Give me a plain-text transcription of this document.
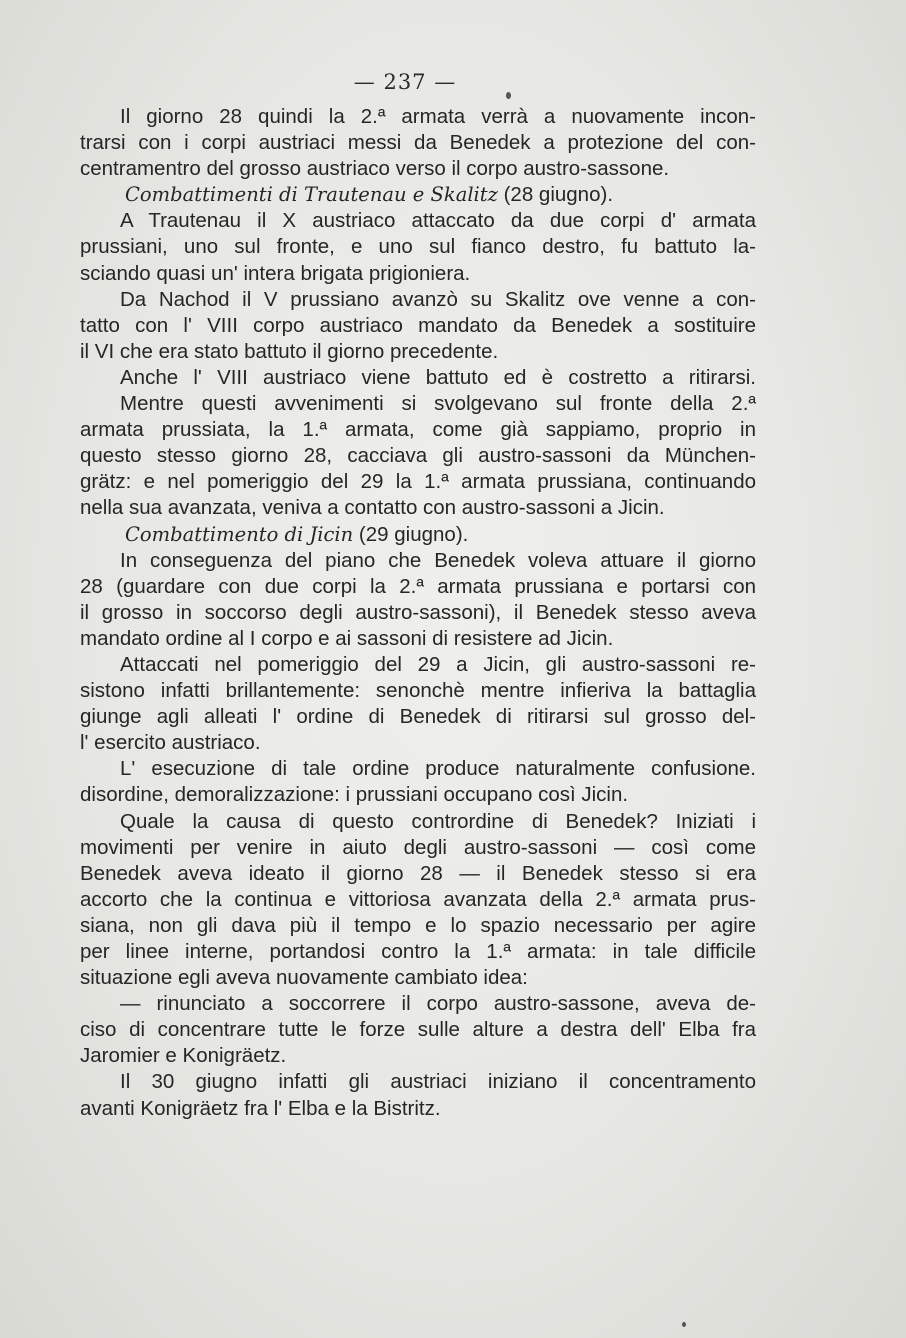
— 237 —
Il giorno 28 quindi la 2.ª armata verrà a nuovamente incon-
trarsi con i corpi austriaci messi da Benedek a protezione del con-
centramentro del grosso austriaco verso il corpo austro-sassone.
Combattimenti di Trautenau e Skalitz (28 giugno).
A Trautenau il X austriaco attaccato da due corpi d' armata
prussiani, uno sul fronte, e uno sul fianco destro, fu battuto la-
sciando quasi un' intera brigata prigioniera.
Da Nachod il V prussiano avanzò su Skalitz ove venne a con-
tatto con l' VIII corpo austriaco mandato da Benedek a sostituire
il VI che era stato battuto il giorno precedente.
Anche l' VIII austriaco viene battuto ed è costretto a ritirarsi.
Mentre questi avvenimenti si svolgevano sul fronte della 2.ª
armata prussiata, la 1.ª armata, come già sappiamo, proprio in
questo stesso giorno 28, cacciava gli austro-sassoni da München-
grätz: e nel pomeriggio del 29 la 1.ª armata prussiana, continuando
nella sua avanzata, veniva a contatto con austro-sassoni a Jicin.
Combattimento di Jicin (29 giugno).
In conseguenza del piano che Benedek voleva attuare il giorno
28 (guardare con due corpi la 2.ª armata prussiana e portarsi con
il grosso in soccorso degli austro-sassoni), il Benedek stesso aveva
mandato ordine al I corpo e ai sassoni di resistere ad Jicin.
Attaccati nel pomeriggio del 29 a Jicin, gli austro-sassoni re-
sistono infatti brillantemente: senonchè mentre infieriva la battaglia
giunge agli alleati l' ordine di Benedek di ritirarsi sul grosso del-
l' esercito austriaco.
L' esecuzione di tale ordine produce naturalmente confusione.
disordine, demoralizzazione: i prussiani occupano così Jicin.
Quale la causa di questo contrordine di Benedek? Iniziati i
movimenti per venire in aiuto degli austro-sassoni — così come
Benedek aveva ideato il giorno 28 — il Benedek stesso si era
accorto che la continua e vittoriosa avanzata della 2.ª armata prus-
siana, non gli dava più il tempo e lo spazio necessario per agire
per linee interne, portandosi contro la 1.ª armata: in tale difficile
situazione egli aveva nuovamente cambiato idea:
— rinunciato a soccorrere il corpo austro-sassone, aveva de-
ciso di concentrare tutte le forze sulle alture a destra dell' Elba fra
Jaromier e Konigräetz.
Il 30 giugno infatti gli austriaci iniziano il concentramento
avanti Konigräetz fra l' Elba e la Bistritz.
